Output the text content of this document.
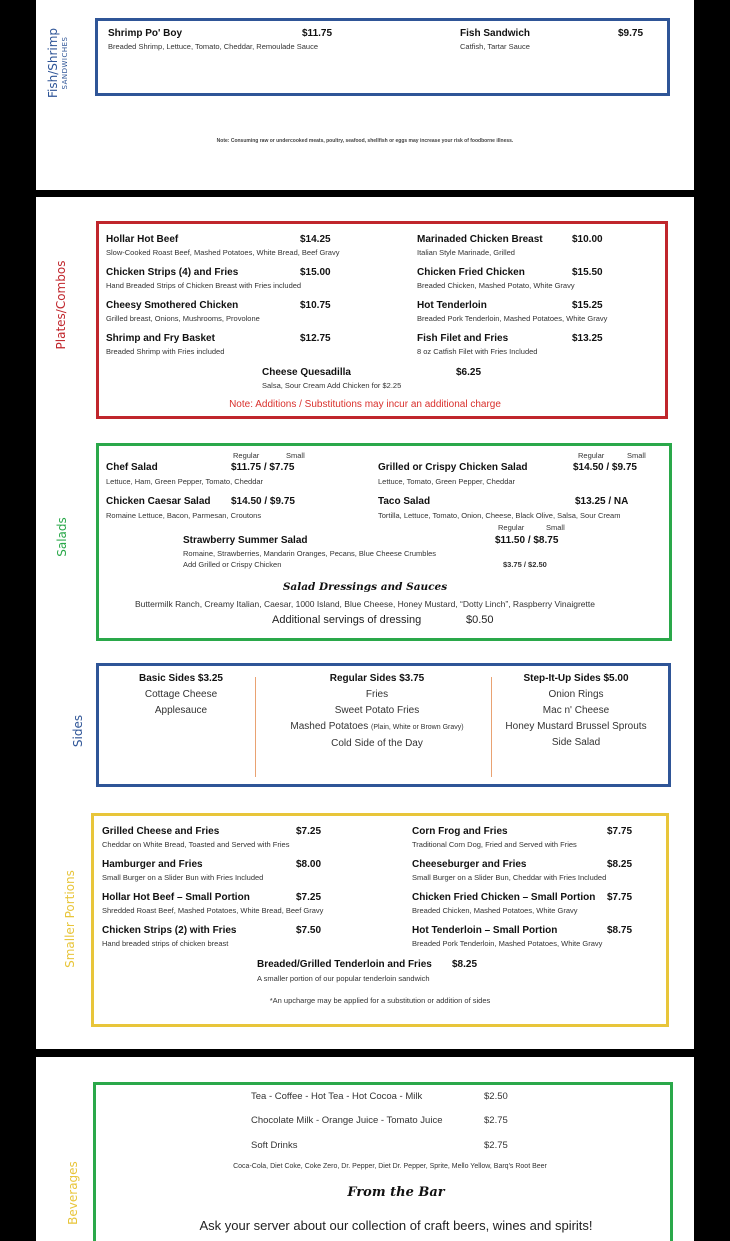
Fish/Shrimp SANDWICHES
Shrimp Po' Boy	$11.75
Breaded Shrimp, Lettuce, Tomato, Cheddar, Remoulade Sauce
Fish Sandwich	$9.75
Catfish, Tartar Sauce
Note: Consuming raw or undercooked meats, poultry, seafood, shellfish or eggs may increase your risk of foodborne illness.
Plates/Combos
Hollar Hot Beef	$14.25
Slow-Cooked Roast Beef, Mashed Potatoes, White Bread, Beef Gravy
Marinaded Chicken Breast	$10.00
Italian Style Marinade, Grilled
Chicken Strips (4) and Fries	$15.00
Hand Breaded Strips of Chicken Breast with Fries included
Chicken Fried Chicken	$15.50
Breaded Chicken, Mashed Potato, White Gravy
Cheesy Smothered Chicken	$10.75
Grilled breast, Onions, Mushrooms, Provolone
Hot Tenderloin	$15.25
Breaded Pork Tenderloin, Mashed Potatoes, White Gravy
Shrimp and Fry Basket	$12.75
Breaded Shrimp with Fries included
Fish Filet and Fries	$13.25
8 oz Catfish Filet with Fries Included
Cheese Quesadilla	$6.25
Salsa, Sour Cream Add Chicken for $2.25
Note: Additions / Substitutions may incur an additional charge
Salads
Regular	Small
Chef Salad	$11.75 / $7.75
Lettuce, Ham, Green Pepper, Tomato, Cheddar
Regular	Small
Grilled or Crispy Chicken Salad	$14.50 / $9.75
Lettuce, Tomato, Green Pepper, Cheddar
Chicken Caesar Salad $14.50 / $9.75
Romaine Lettuce, Bacon, Parmesan, Croutons
Taco Salad	$13.25 / NA
Tortilla, Lettuce, Tomato, Onion, Cheese, Black Olive, Salsa, Sour Cream
Regular	Small
Strawberry Summer Salad	$11.50 / $8.75
Romaine, Strawberries, Mandarin Oranges, Pecans, Blue Cheese Crumbles
Add Grilled or Crispy Chicken	$3.75 / $2.50
Salad Dressings and Sauces
Buttermilk Ranch, Creamy Italian, Caesar, 1000 Island, Blue Cheese, Honey Mustard, “Dotty Linch”, Raspberry Vinaigrette
Additional servings of dressing	$0.50
Sides
Basic Sides $3.25
Cottage Cheese
Applesauce
Regular Sides $3.75
Fries
Sweet Potato Fries
Mashed Potatoes (Plain, White or Brown Gravy)
Cold Side of the Day
Step-It-Up Sides $5.00
Onion Rings
Mac n' Cheese
Honey Mustard Brussel Sprouts
Side Salad
Smaller Portions
Grilled Cheese and Fries	$7.25
Cheddar on White Bread, Toasted and Served with Fries
Corn Frog and Fries	$7.75
Traditional Corn Dog, Fried and Served with Fries
Hamburger and Fries	$8.00
Small Burger on a Slider Bun with Fries Included
Cheeseburger and Fries	$8.25
Small Burger on a Slider Bun, Cheddar with Fries Included
Hollar Hot Beef – Small Portion	$7.25
Shredded Roast Beef, Mashed Potatoes, White Bread, Beef Gravy
Chicken Fried Chicken – Small Portion $7.75
Breaded Chicken, Mashed Potatoes, White Gravy
Chicken Strips (2) with Fries	$7.50
Hand breaded strips of chicken breast
Hot Tenderloin – Small Portion	$8.75
Breaded Pork Tenderloin, Mashed Potatoes, White Gravy
Breaded/Grilled Tenderloin and Fries $8.25
A smaller portion of our popular tenderloin sandwich
*An upcharge may be applied for a substitution or addition of sides
Beverages
Tea - Coffee - Hot Tea - Hot Cocoa - Milk	$2.50
Chocolate Milk - Orange Juice - Tomato Juice	$2.75
Soft Drinks	$2.75
Coca-Cola, Diet Coke, Coke Zero, Dr. Pepper, Diet Dr. Pepper, Sprite, Mello Yellow, Barq's Root Beer
From the Bar
Ask your server about our collection of craft beers, wines and spirits!
